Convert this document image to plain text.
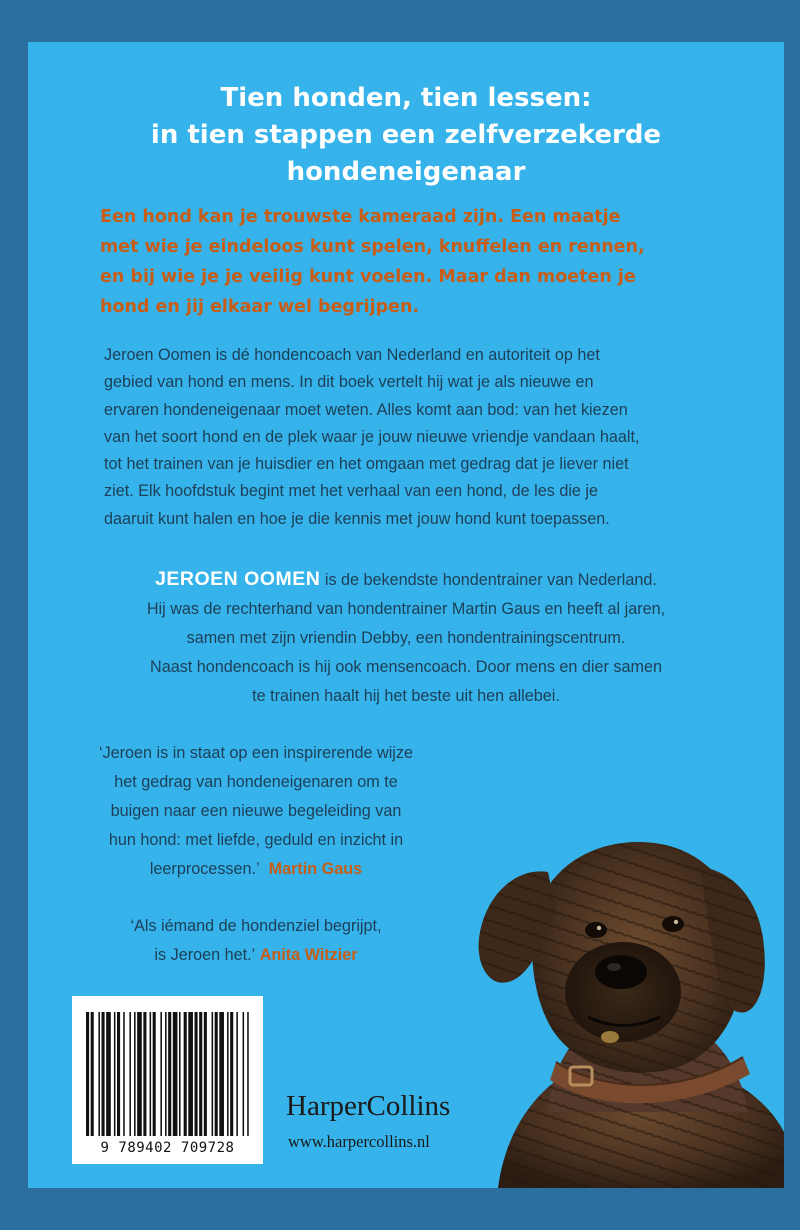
Tien honden, tien lessen:
in tien stappen een zelfverzekerde
hondeneigenaar
Een hond kan je trouwste kameraad zijn. Een maatje
met wie je eindeloos kunt spelen, knuffelen en rennen,
en bij wie je je veilig kunt voelen. Maar dan moeten je
hond en jij elkaar wel begrijpen.
Jeroen Oomen is dé hondencoach van Nederland en autoriteit op het
gebied van hond en mens. In dit boek vertelt hij wat je als nieuwe en
ervaren hondeneigenaar moet weten. Alles komt aan bod: van het kiezen
van het soort hond en de plek waar je jouw nieuwe vriendje vandaan haalt,
tot het trainen van je huisdier en het omgaan met gedrag dat je liever niet
ziet. Elk hoofdstuk begint met het verhaal van een hond, de les die je
daaruit kunt halen en hoe je die kennis met jouw hond kunt toepassen.
JEROEN OOMEN is de bekendste hondentrainer van Nederland.
Hij was de rechterhand van hondentrainer Martin Gaus en heeft al jaren,
samen met zijn vriendin Debby, een hondentrainingscentrum.
Naast hondencoach is hij ook mensencoach. Door mens en dier samen
te trainen haalt hij het beste uit hen allebei.
‘Jeroen is in staat op een inspirerende wijze
het gedrag van hondeneigenaren om te
buigen naar een nieuwe begeleiding van
hun hond: met liefde, geduld en inzicht in
leerprocessen.’ Martin Gaus
‘Als iémand de hondenziel begrijpt,
is Jeroen het.’ Anita Witzier
9 789402 709728
HarperCollins
www.harpercollins.nl
